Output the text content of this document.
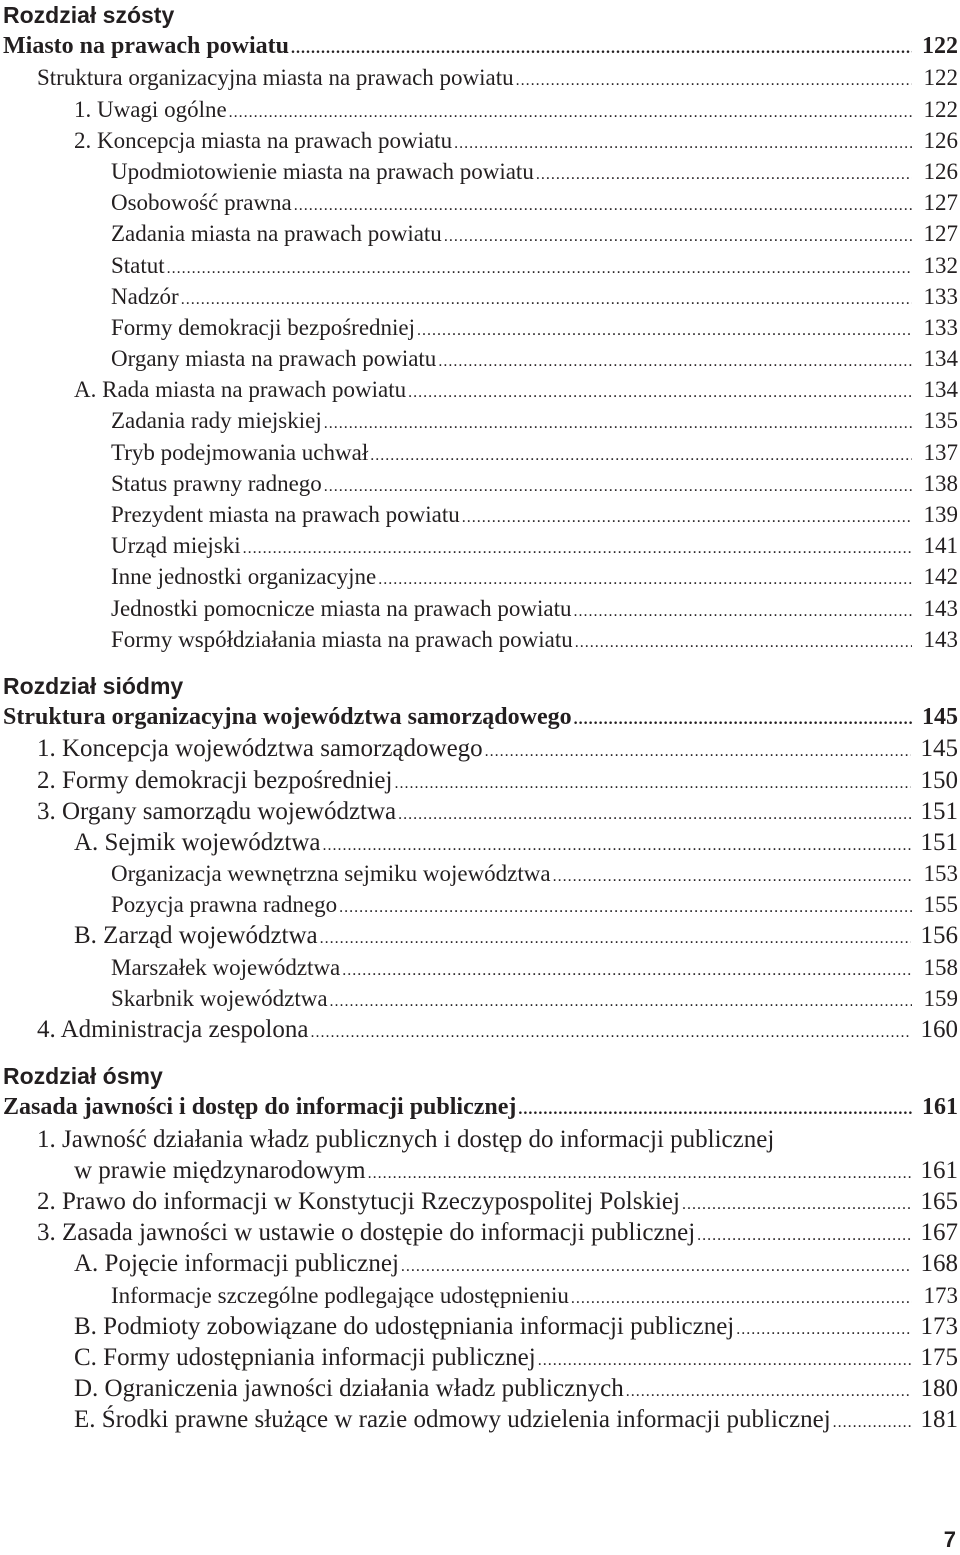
Rozdział szósty
Miasto na prawach powiatu .....	122
Struktura organizacyjna miasta na prawach powiatu .....	122
1. Uwagi ogólne .....	122
2. Koncepcja miasta na prawach powiatu .....	126
Upodmiotowienie miasta na prawach powiatu .....	126
Osobowość prawna .....	127
Zadania miasta na prawach powiatu .....	127
Statut .....	132
Nadzór .....	133
Formy demokracji bezpośredniej .....	133
Organy miasta na prawach powiatu .....	134
A. Rada miasta na prawach powiatu .....	134
Zadania rady miejskiej .....	135
Tryb podejmowania uchwał .....	137
Status prawny radnego .....	138
Prezydent miasta na prawach powiatu .....	139
Urząd miejski .....	141
Inne jednostki organizacyjne .....	142
Jednostki pomocnicze miasta na prawach powiatu .....	143
Formy współdziałania miasta na prawach powiatu .....	143
Rozdział siódmy
Struktura organizacyjna województwa samorządowego .....	145
1. Koncepcja województwa samorządowego .....	145
2. Formy demokracji bezpośredniej .....	150
3. Organy samorządu województwa .....	151
A. Sejmik województwa .....	151
Organizacja wewnętrzna sejmiku województwa .....	153
Pozycja prawna radnego .....	155
B. Zarząd województwa .....	156
Marszałek województwa .....	158
Skarbnik województwa .....	159
4. Administracja zespolona .....	160
Rozdział ósmy
Zasada jawności i dostęp do informacji publicznej .....	161
1. Jawność działania władz publicznych i dostęp do informacji publicznej
w prawie międzynarodowym .....	161
2. Prawo do informacji w Konstytucji Rzeczypospolitej Polskiej .....	165
3. Zasada jawności w ustawie o dostępie do informacji publicznej .....	167
A. Pojęcie informacji publicznej .....	168
Informacje szczególne podlegające udostępnieniu .....	173
B. Podmioty zobowiązane do udostępniania informacji publicznej .....	173
C. Formy udostępniania informacji publicznej .....	175
D. Ograniczenia jawności działania władz publicznych .....	180
E. Środki prawne służące w razie odmowy udzielenia informacji publicznej .....	181
7
